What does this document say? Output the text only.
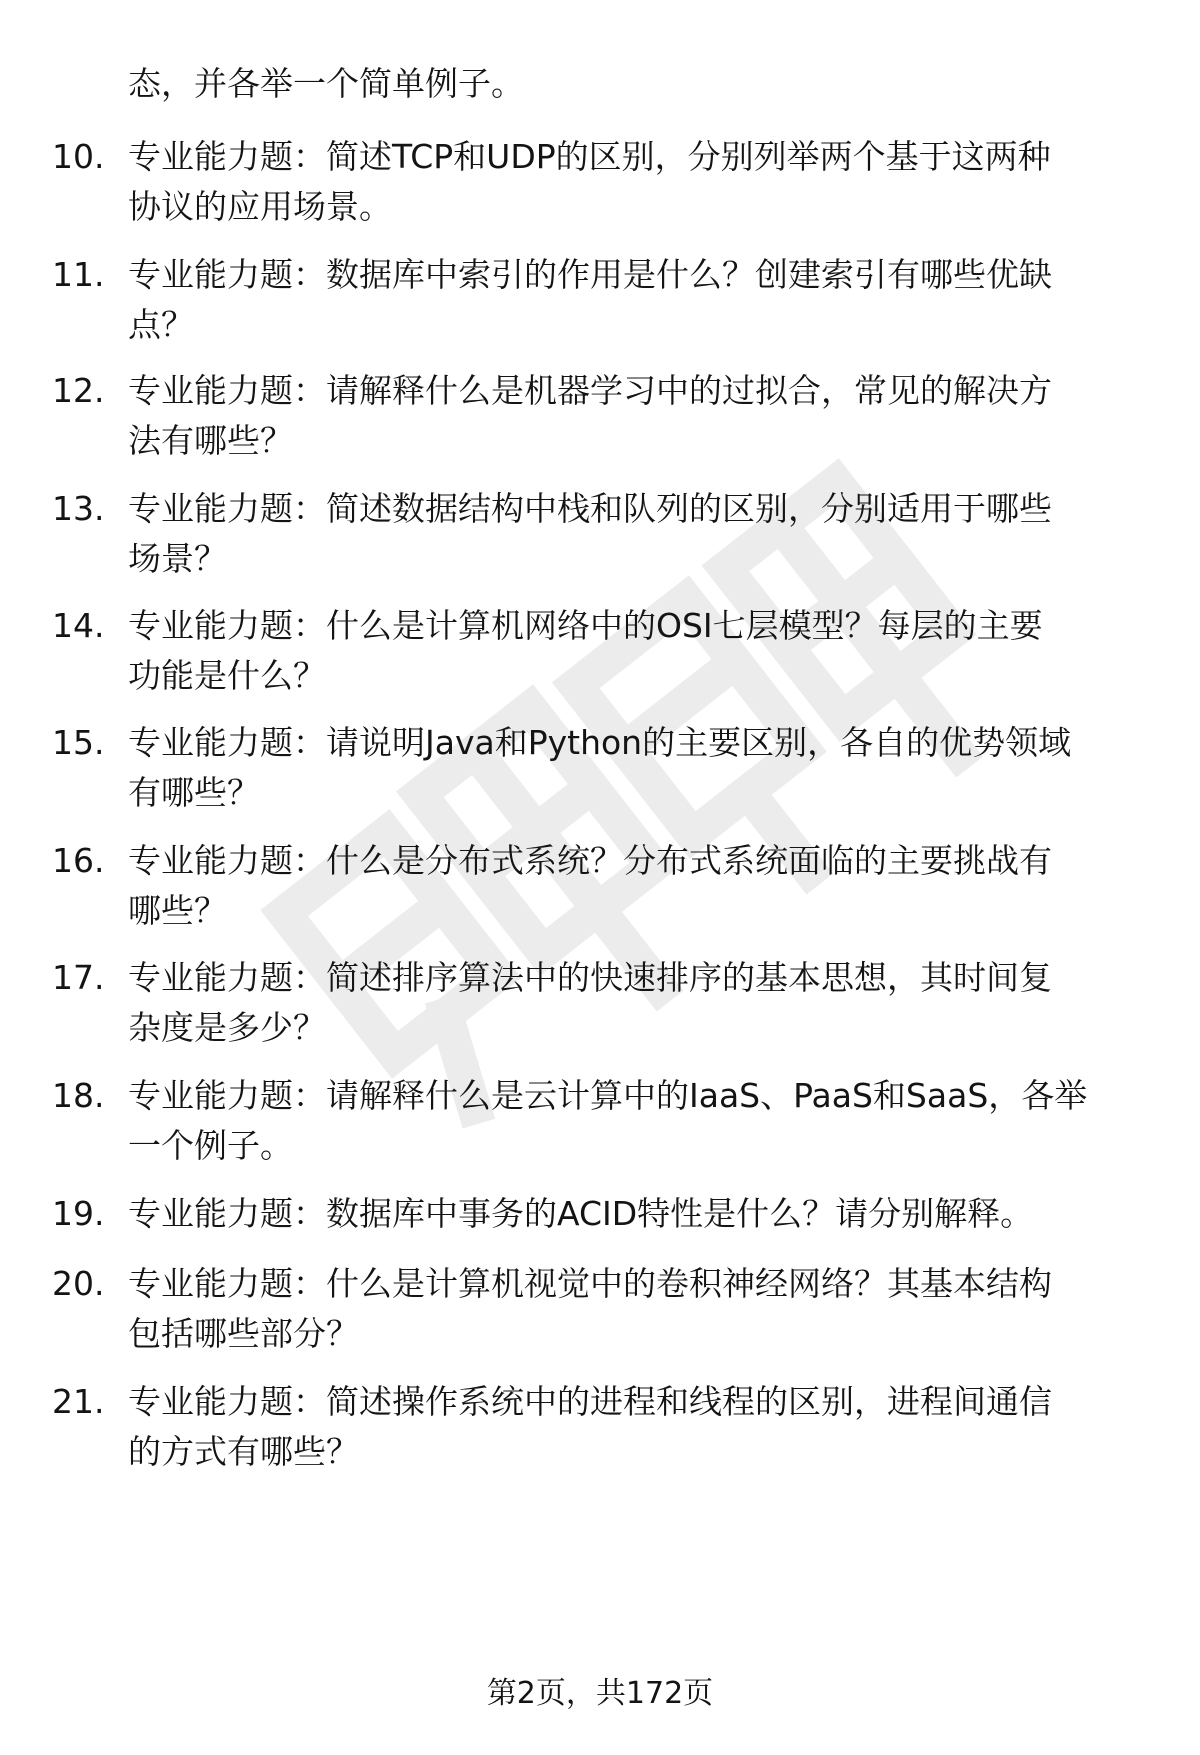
态，并各举一个简单例子。
10. 专业能力题：简述TCP和UDP的区别，分别列举两个基于这两种
协议的应用场景。
11. 专业能力题：数据库中索引的作用是什么？创建索引有哪些优缺
点？
12. 专业能力题：请解释什么是机器学习中的过拟合，常见的解决方
法有哪些？
13. 专业能力题：简述数据结构中栈和队列的区别，分别适用于哪些
场景？
14. 专业能力题：什么是计算机网络中的OSI七层模型？每层的主要
功能是什么？
15. 专业能力题：请说明Java和Python的主要区别，各自的优势领域
有哪些？
16. 专业能力题：什么是分布式系统？分布式系统面临的主要挑战有
哪些？
17. 专业能力题：简述排序算法中的快速排序的基本思想，其时间复
杂度是多少？
18. 专业能力题：请解释什么是云计算中的IaaS、PaaS和SaaS，各举
一个例子。
19. 专业能力题：数据库中事务的ACID特性是什么？请分别解释。
20. 专业能力题：什么是计算机视觉中的卷积神经网络？其基本结构
包括哪些部分？
21. 专业能力题：简述操作系统中的进程和线程的区别，进程间通信
的方式有哪些？
第2页，共172页
